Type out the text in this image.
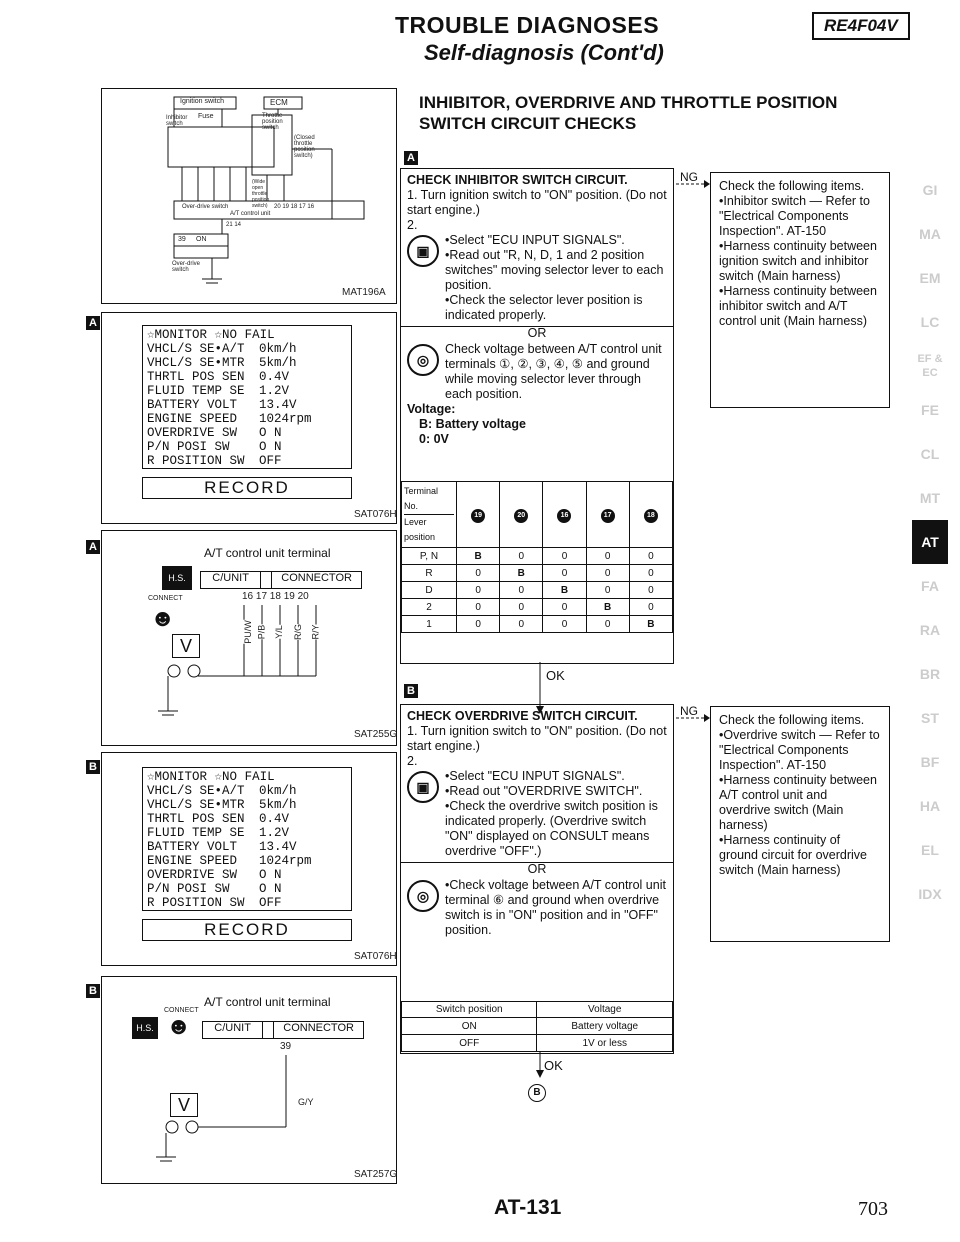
TROUBLE DIAGNOSES	RE4F04V
Self-diagnosis (Cont'd)
INHIBITOR, OVERDRIVE AND THROTTLE POSITION SWITCH CIRCUIT CHECKS
Ignition switch	ECM
Fuse
Inhibitor switch
Throttle position switch
(Closed throttle position switch)
(Wide open throttle position switch)
Over-drive switch	20 19 18 17 16
A/T control unit
21 14
39 ON
Over-drive switch
MAT196A
A
☆MONITOR ☆NO FAIL
VHCL/S SE•A/T	0km/h
VHCL/S SE•MTR	5km/h
THRTL POS SEN	0.4V
FLUID TEMP SE	1.2V
BATTERY VOLT	13.4V
ENGINE SPEED	1024rpm
OVERDRIVE SW	O N
P/N POSI SW	O N
R POSITION SW	OFF
RECORD
SAT076H
A	A/T control unit terminal
H.S.	C/UNIT	CONNECTOR
CONNECT
☻
16 17 18 19 20
V
PU/W P/B Y/L R/G R/Y
SAT255G
B
☆MONITOR ☆NO FAIL
VHCL/S SE•A/T	0km/h
VHCL/S SE•MTR	5km/h
THRTL POS SEN	0.4V
FLUID TEMP SE	1.2V
BATTERY VOLT	13.4V
ENGINE SPEED	1024rpm
OVERDRIVE SW	O N
P/N POSI SW	O N
R POSITION SW	OFF
RECORD
SAT076H
B
A/T control unit terminal
CONNECT
H.S. ☻	C/UNIT	CONNECTOR
39
V	G/Y
SAT257G
A
CHECK INHIBITOR SWITCH CIRCUIT.
1. Turn ignition switch to "ON" position. (Do not start engine.)
2.
▣
• Select "ECU INPUT SIGNALS".
• Read out "R, N, D, 1 and 2 position switches" moving selector lever to each position.
• Check the selector lever position is indicated properly.
OR
◎
Check voltage between A/T control unit terminals ①, ②, ③, ④, ⑤ and ground while moving selector lever through each position.
Voltage:
B: Battery voltage
0: 0V
Terminal No.
Lever position	19	20	16	17	18
P, N	B	0	0	0	0
R	0	B	0	0	0
D	0	0	B	0	0
2	0	0	0	B	0
1	0	0	0	0	B
NG
Check the following items.
• Inhibitor switch — Refer to "Electrical Components Inspection". AT-150
• Harness continuity between ignition switch and inhibitor switch (Main harness)
• Harness continuity between inhibitor switch and A/T control unit (Main harness)
OK
B
CHECK OVERDRIVE SWITCH CIRCUIT.
1. Turn ignition switch to "ON" position. (Do not start engine.)
2.
▣
• Select "ECU INPUT SIGNALS".
• Read out "OVERDRIVE SWITCH".
• Check the overdrive switch position is indicated properly. (Overdrive switch "ON" displayed on CONSULT means overdrive "OFF".)
OR
◎
• Check voltage between A/T control unit terminal ⑥ and ground when overdrive switch is in "ON" position and in "OFF" position.
Switch position	Voltage
ON	Battery voltage
OFF	1V or less
NG
Check the following items.
• Overdrive switch — Refer to "Electrical Components Inspection". AT-150
• Harness continuity between A/T control unit and overdrive switch (Main harness)
• Harness continuity of ground circuit for overdrive switch (Main harness)
OK
B
AT-131	703
GI
MA
EM
LC
EF & EC
FE
CL
MT
AT
FA
RA
BR
ST
BF
HA
EL
IDX
